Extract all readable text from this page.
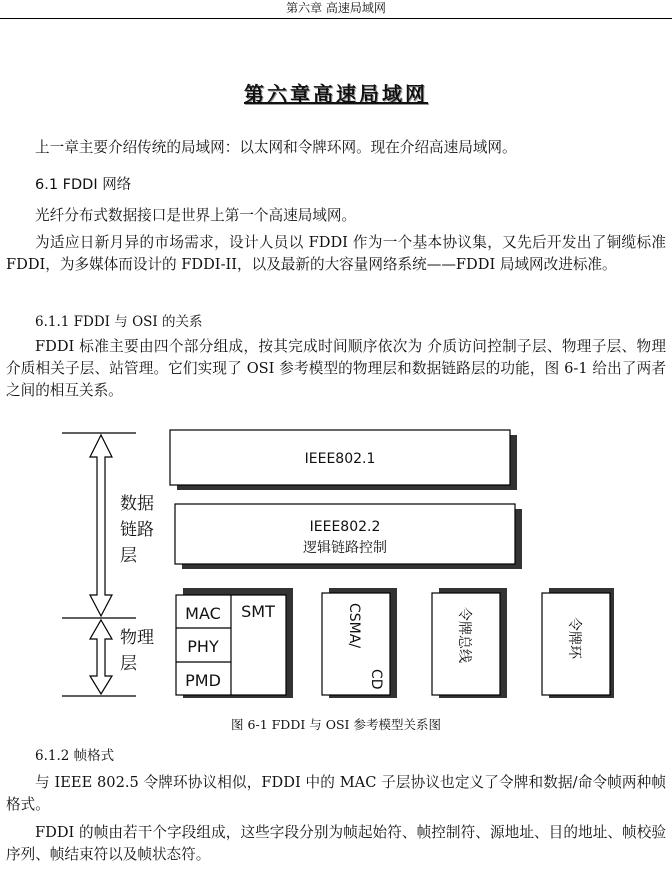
第六章 高速局域网
第六章高速局域网

上一章主要介绍传统的局域网：以太网和令牌环网。现在介绍高速局域网。

6.1 FDDI 网络

光纤分布式数据接口是世界上第一个高速局域网。

为适应日新月异的市场需求，设计人员以 FDDI 作为一个基本协议集，又先后开发出了铜缆标准 FDDI，为多媒体而设计的 FDDI-II，以及最新的大容量网络系统——FDDI 局域网改进标准。

6.1.1 FDDI 与 OSI 的关系

FDDI 标准主要由四个部分组成，按其完成时间顺序依次为 介质访问控制子层、物理子层、物理介质相关子层、站管理。它们实现了 OSI 参考模型的物理层和数据链路层的功能，图 6-1 给出了两者之间的相互关系。

数据
链路
层
物理
层
IEEE802.1
IEEE802.2
逻辑链路控制
MAC
PHY
PMD
SMT	CSMA/
CD
令牌总线	令牌环
图 6-1 FDDI 与 OSI 参考模型关系图
6.1.2 帧格式

与 IEEE 802.5 令牌环协议相似，FDDI 中的 MAC 子层协议也定义了令牌和数据/命令帧两种帧格式。

FDDI 的帧由若干个字段组成，这些字段分别为帧起始符、帧控制符、源地址、目的地址、帧校验序列、帧结束符以及帧状态符。
